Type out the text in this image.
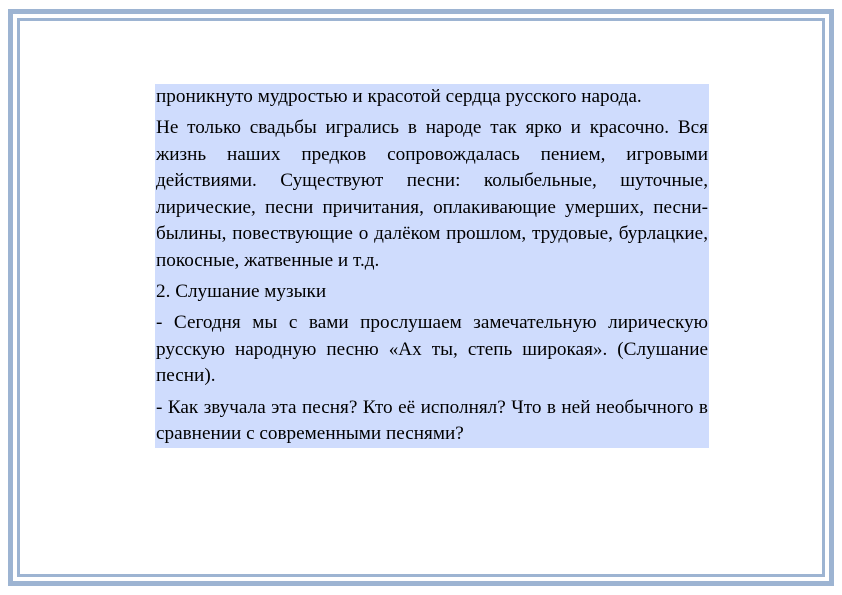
проникнуто мудростью и красотой сердца русского народа.

Не только свадьбы игрались в народе так ярко и красочно. Вся жизнь наших предков сопровождалась пением, игровыми действиями. Существуют песни: колыбельные, шуточные, лирические, песни причитания, оплакивающие умерших, песни-былины, повествующие о далёком прошлом, трудовые, бурлацкие, покосные, жатвенные и т.д.

2. Слушание музыки

- Сегодня мы с вами прослушаем замечательную лирическую русскую народную песню «Ах ты, степь широкая». (Слушание песни).

- Как звучала эта песня? Кто её исполнял? Что в ней необычного в сравнении с современными песнями?
